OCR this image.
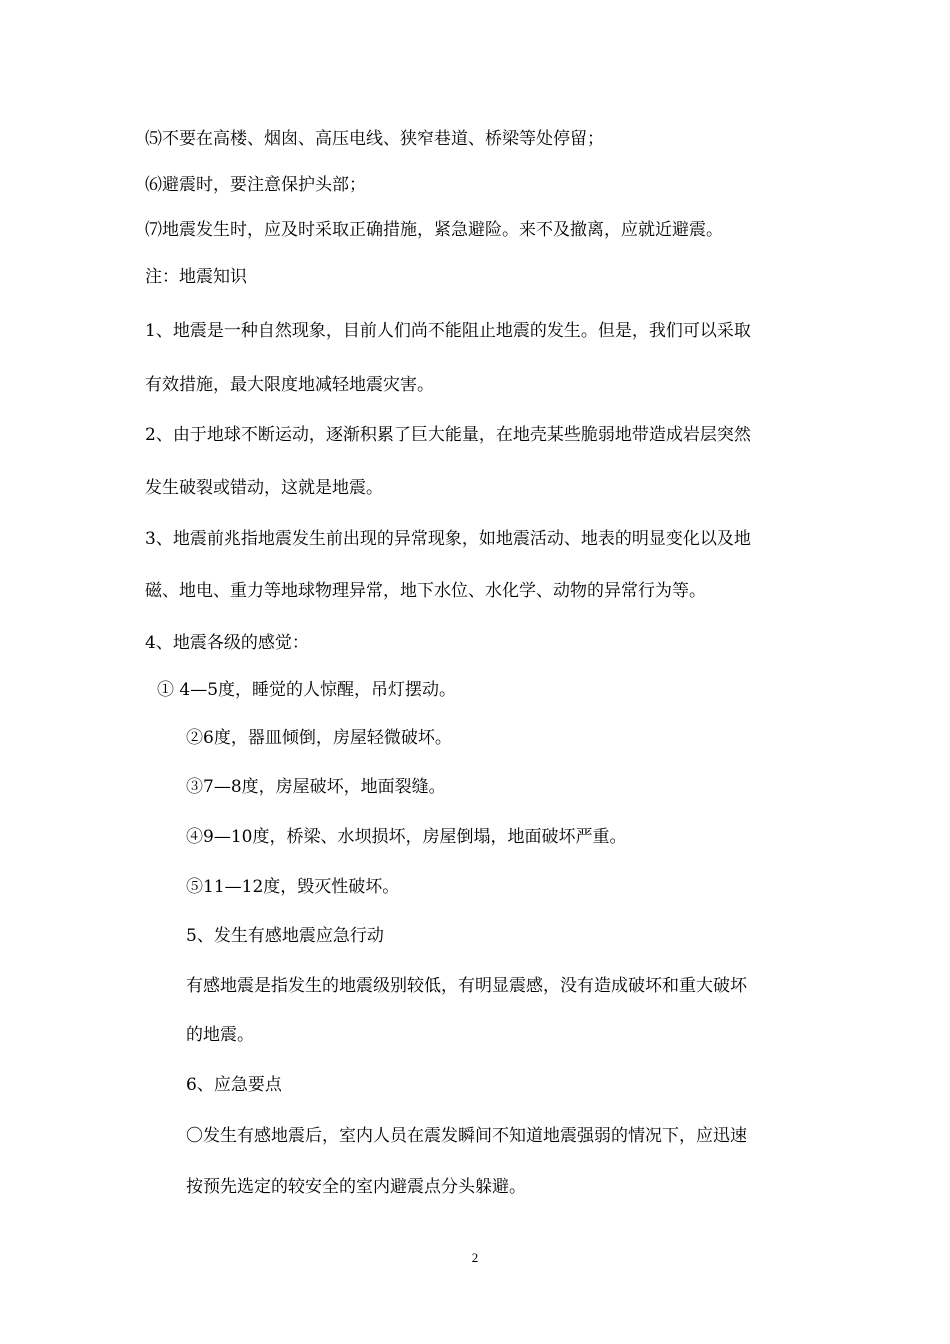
⑸不要在高楼、烟囱、高压电线、狭窄巷道、桥梁等处停留；
⑹避震时，要注意保护头部；
⑺地震发生时，应及时采取正确措施，紧急避险。来不及撤离，应就近避震。
注：地震知识
1、地震是一种自然现象，目前人们尚不能阻止地震的发生。但是，我们可以采取
有效措施，最大限度地减轻地震灾害。
2、由于地球不断运动，逐渐积累了巨大能量，在地壳某些脆弱地带造成岩层突然
发生破裂或错动，这就是地震。
3、地震前兆指地震发生前出现的异常现象，如地震活动、地表的明显变化以及地
磁、地电、重力等地球物理异常，地下水位、水化学、动物的异常行为等。
4、地震各级的感觉：
① 4—5度，睡觉的人惊醒，吊灯摆动。
②6度，器皿倾倒，房屋轻微破坏。
③7—8度，房屋破坏，地面裂缝。
④9—10度，桥梁、水坝损坏，房屋倒塌，地面破坏严重。
⑤11—12度，毁灭性破坏。
5、发生有感地震应急行动
有感地震是指发生的地震级别较低，有明显震感，没有造成破坏和重大破坏
的地震。
6、应急要点
〇发生有感地震后，室内人员在震发瞬间不知道地震强弱的情况下，应迅速
按预先选定的较安全的室内避震点分头躲避。
2
